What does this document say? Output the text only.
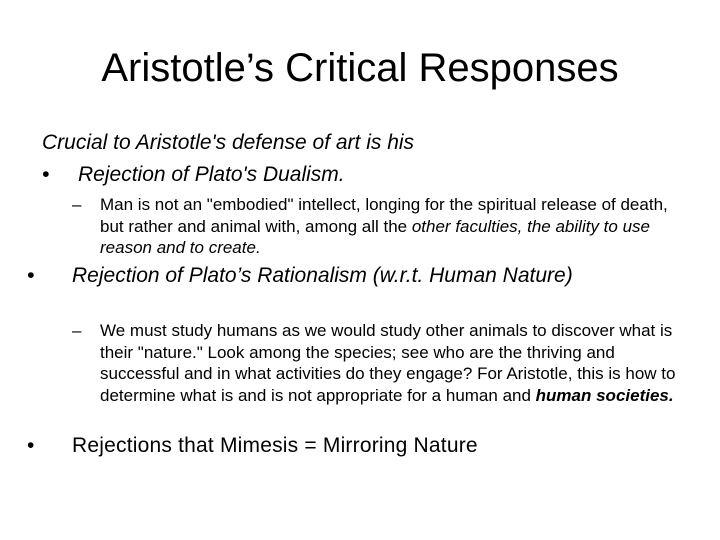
Aristotle’s Critical Responses
Crucial to Aristotle's defense of art is his
• Rejection of Plato's Dualism.
– Man is not an "embodied" intellect, longing for the spiritual release of death, but rather and animal with, among all the other faculties, the ability to use reason and to create.
• Rejection of Plato’s Rationalism (w.r.t. Human Nature)
– We must study humans as we would study other animals to discover what is their "nature." Look among the species; see who are the thriving and successful and in what activities do they engage? For Aristotle, this is how to determine what is and is not appropriate for a human and human societies.
• Rejections that Mimesis = Mirroring Nature
